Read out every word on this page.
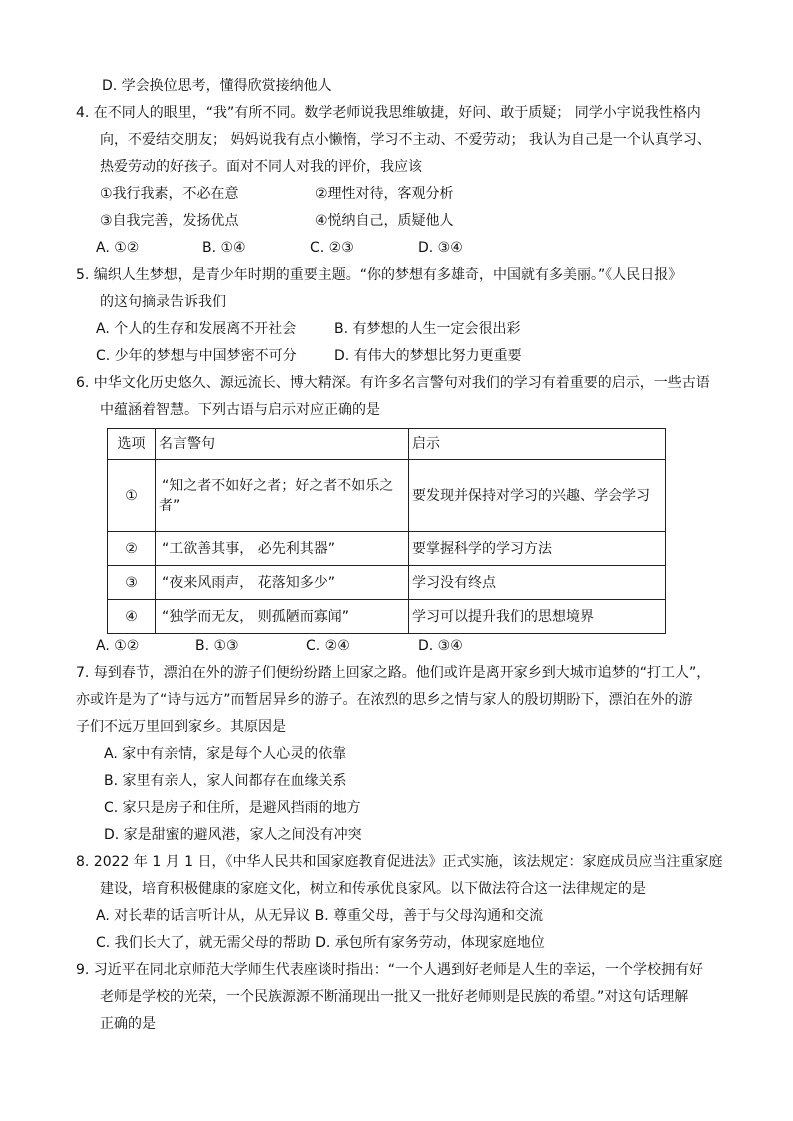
D. 学会换位思考，懂得欣赏接纳他人
4. 在不同人的眼里，“我”有所不同。数学老师说我思维敏捷，好问、敢于质疑； 同学小宇说我性格内
向，不爱结交朋友； 妈妈说我有点小懒惰，学习不主动、不爱劳动； 我认为自己是一个认真学习、
热爱劳动的好孩子。面对不同人对我的评价，我应该
①我行我素，不必在意	②理性对待，客观分析
③自我完善，发扬优点	④悦纳自己，质疑他人
A. ①②	B. ①④	C. ②③	D. ③④
5. 编织人生梦想，是青少年时期的重要主题。“你的梦想有多雄奇，中国就有多美丽。”《人民日报》
的这句摘录告诉我们
A. 个人的生存和发展离不开社会	B. 有梦想的人生一定会很出彩
C. 少年的梦想与中国梦密不可分	D. 有伟大的梦想比努力更重要
6. 中华文化历史悠久、源远流长、博大精深。有许多名言警句对我们的学习有着重要的启示，一些古语
中蕴涵着智慧。下列古语与启示对应正确的是
选项	名言警句	启示
①	“知之者不如好之者；好之者不如乐之
者”	要发现并保持对学习的兴趣、学会学习
②	“工欲善其事， 必先利其器”	要掌握科学的学习方法
③	“夜来风雨声， 花落知多少”	学习没有终点
④	“独学而无友， 则孤陋而寡闻”	学习可以提升我们的思想境界
A. ①②	B. ①③	C. ②④	D. ③④
7. 每到春节，漂泊在外的游子们便纷纷踏上回家之路。他们或许是离开家乡到大城市追梦的“打工人”，
亦或许是为了“诗与远方”而暂居异乡的游子。在浓烈的思乡之情与家人的殷切期盼下，漂泊在外的游
子们不远万里回到家乡。其原因是
A. 家中有亲情，家是每个人心灵的依靠
B. 家里有亲人，家人间都存在血缘关系
C. 家只是房子和住所，是避风挡雨的地方
D. 家是甜蜜的避风港，家人之间没有冲突
8. 2022 年 1 月 1 日，《中华人民共和国家庭教育促进法》正式实施，该法规定：家庭成员应当注重家庭
建设，培育积极健康的家庭文化，树立和传承优良家风。以下做法符合这一法律规定的是
A. 对长辈的话言听计从，从无异议 B. 尊重父母，善于与父母沟通和交流
C. 我们长大了，就无需父母的帮助 D. 承包所有家务劳动，体现家庭地位
9. 习近平在同北京师范大学师生代表座谈时指出：“一个人遇到好老师是人生的幸运，一个学校拥有好
老师是学校的光荣，一个民族源源不断涌现出一批又一批好老师则是民族的希望。”对这句话理解
正确的是
